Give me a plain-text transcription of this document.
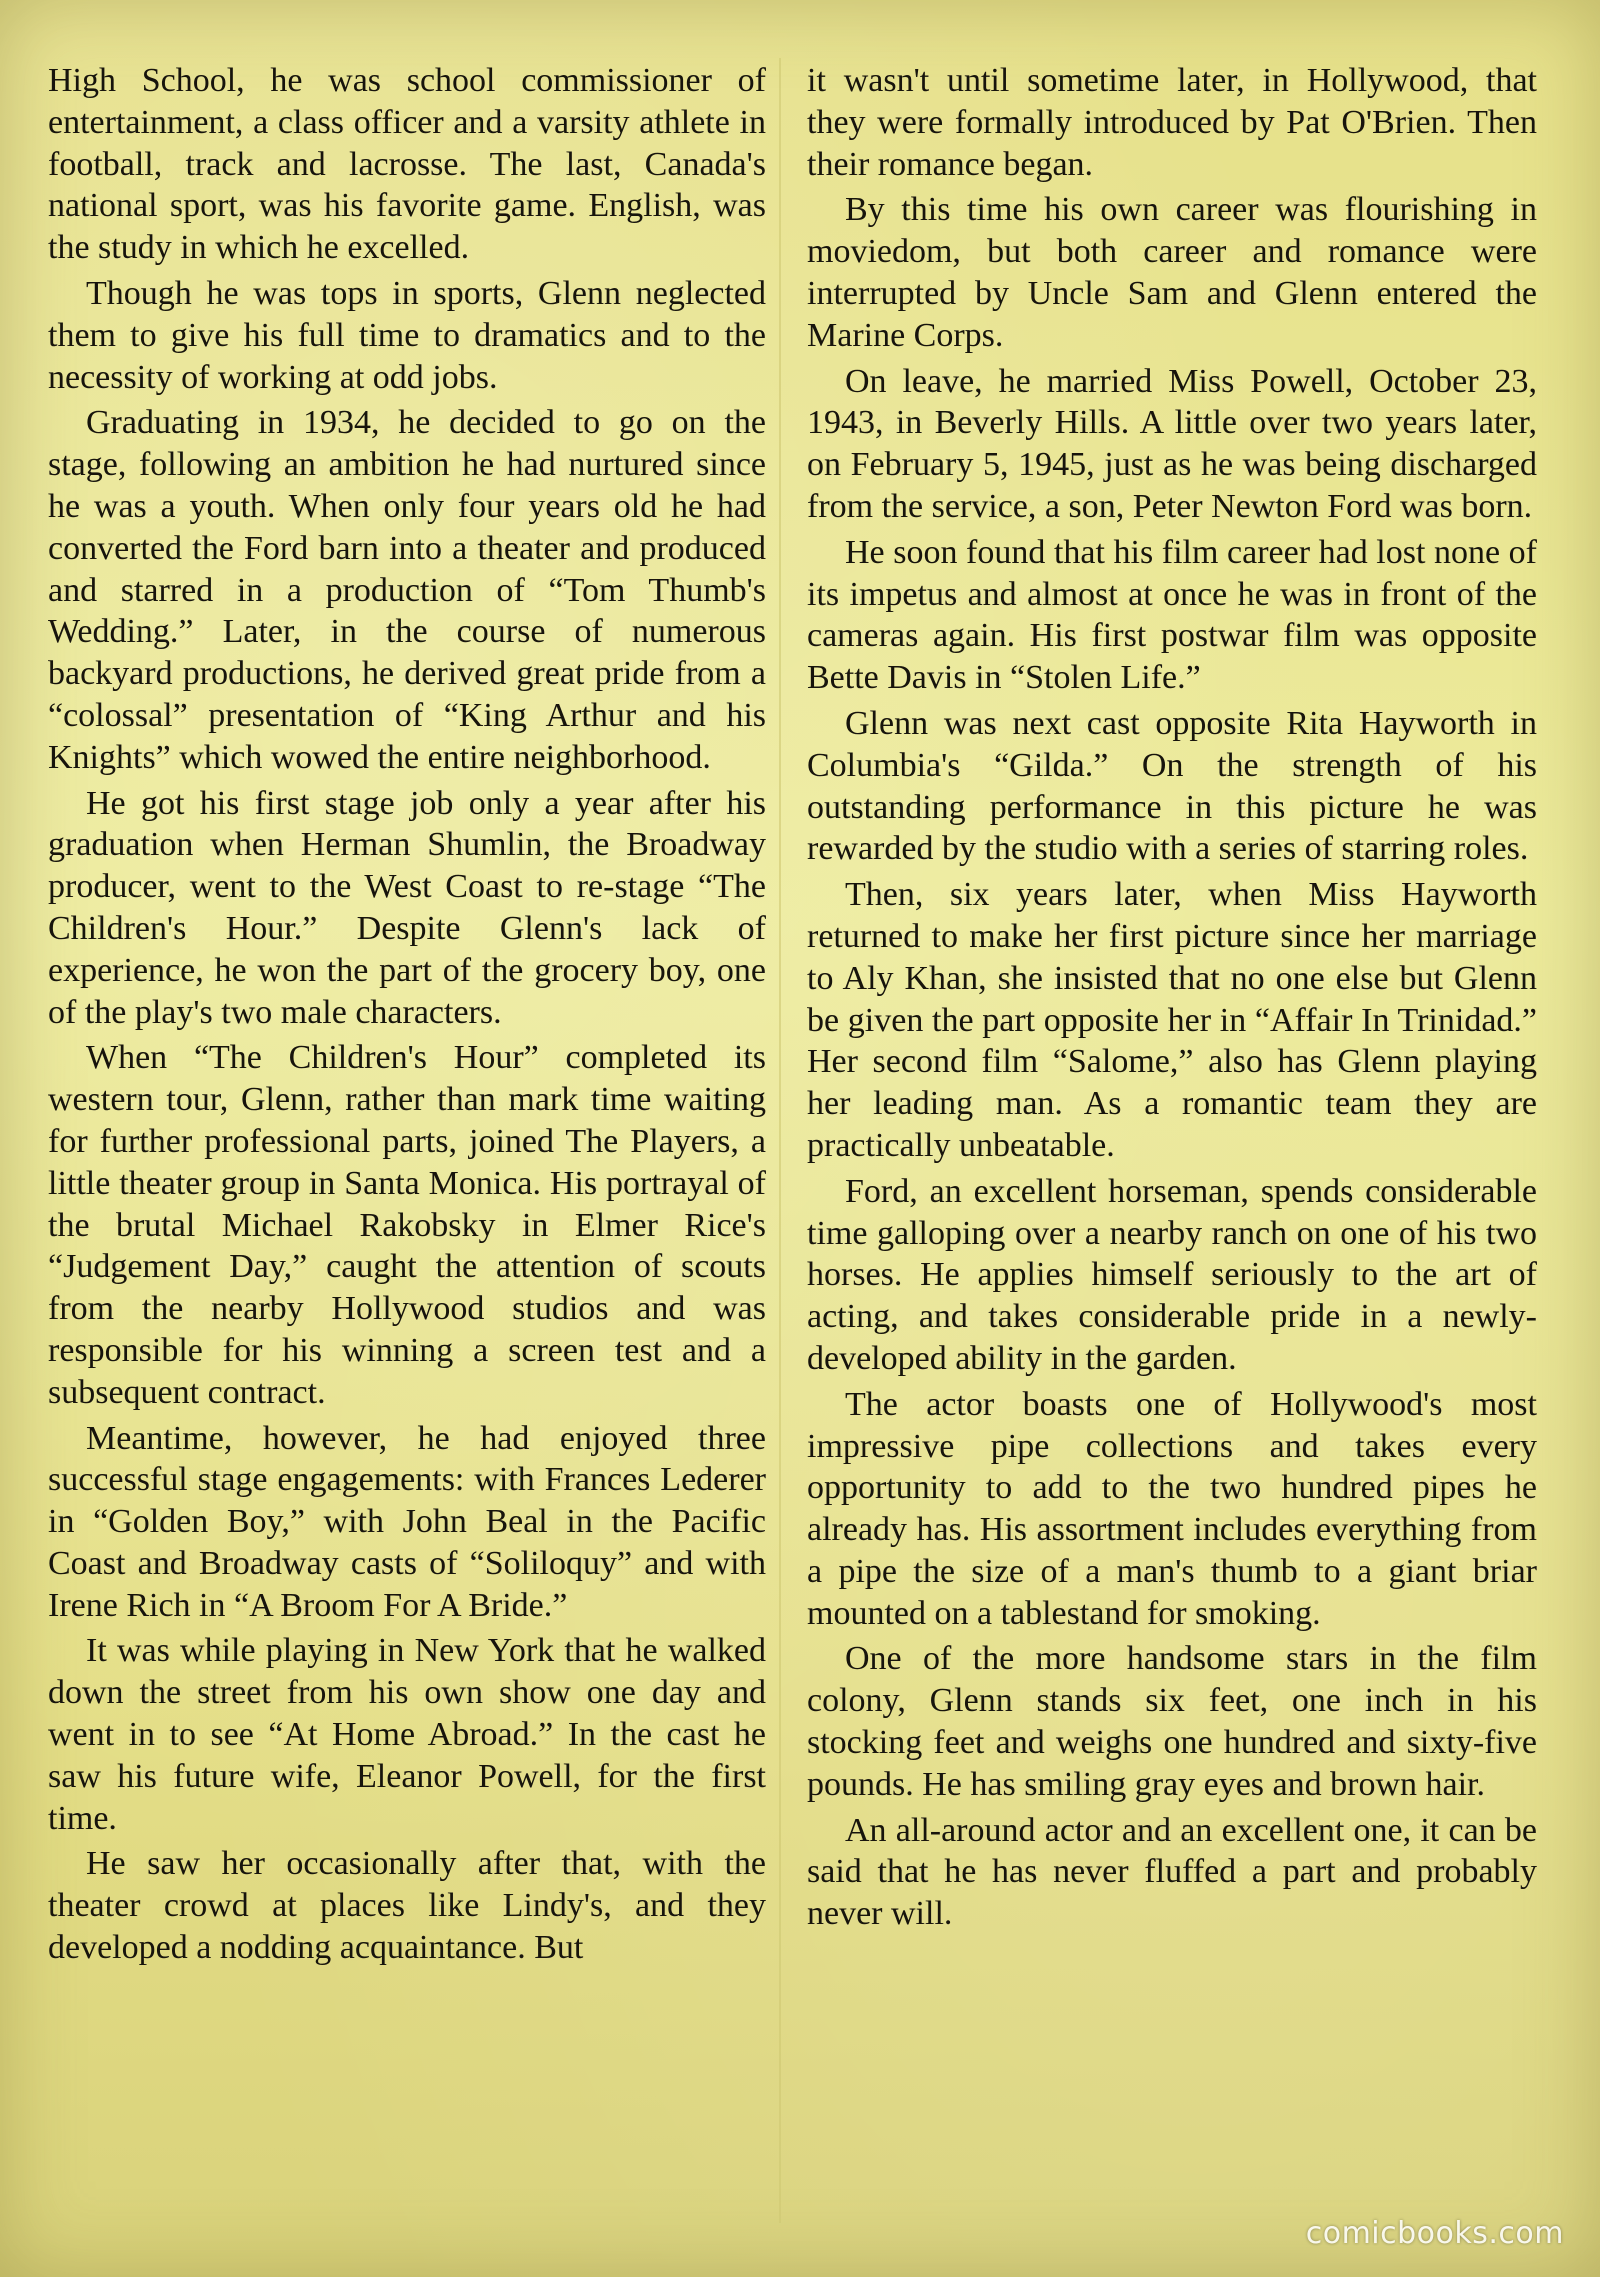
High School, he was school commissioner of entertainment, a class officer and a varsity athlete in football, track and lacrosse. The last, Canada's national sport, was his favorite game. English, was the study in which he excelled.

Though he was tops in sports, Glenn neglected them to give his full time to dramatics and to the necessity of working at odd jobs.

Graduating in 1934, he decided to go on the stage, following an ambition he had nurtured since he was a youth. When only four years old he had converted the Ford barn into a theater and produced and starred in a production of “Tom Thumb's Wedding.” Later, in the course of numerous backyard productions, he derived great pride from a “colossal” presentation of “King Arthur and his Knights” which wowed the entire neighborhood.

He got his first stage job only a year after his graduation when Herman Shumlin, the Broadway producer, went to the West Coast to re-stage “The Children's Hour.” Despite Glenn's lack of experience, he won the part of the grocery boy, one of the play's two male characters.

When “The Children's Hour” completed its western tour, Glenn, rather than mark time waiting for further professional parts, joined The Players, a little theater group in Santa Monica. His portrayal of the brutal Michael Rakobsky in Elmer Rice's “Judgement Day,” caught the attention of scouts from the nearby Hollywood studios and was responsible for his winning a screen test and a subsequent contract.

Meantime, however, he had enjoyed three successful stage engagements: with Frances Lederer in “Golden Boy,” with John Beal in the Pacific Coast and Broadway casts of “Soliloquy” and with Irene Rich in “A Broom For A Bride.”

It was while playing in New York that he walked down the street from his own show one day and went in to see “At Home Abroad.” In the cast he saw his future wife, Eleanor Powell, for the first time.

He saw her occasionally after that, with the theater crowd at places like Lindy's, and they developed a nodding acquaintance. But

it wasn't until sometime later, in Hollywood, that they were formally introduced by Pat O'Brien. Then their romance began.

By this time his own career was flourishing in moviedom, but both career and romance were interrupted by Uncle Sam and Glenn entered the Marine Corps.

On leave, he married Miss Powell, October 23, 1943, in Beverly Hills. A little over two years later, on February 5, 1945, just as he was being discharged from the service, a son, Peter Newton Ford was born.

He soon found that his film career had lost none of its impetus and almost at once he was in front of the cameras again. His first postwar film was opposite Bette Davis in “Stolen Life.”

Glenn was next cast opposite Rita Hayworth in Columbia's “Gilda.” On the strength of his outstanding performance in this picture he was rewarded by the studio with a series of starring roles.

Then, six years later, when Miss Hayworth returned to make her first picture since her marriage to Aly Khan, she insisted that no one else but Glenn be given the part opposite her in “Affair In Trinidad.” Her second film “Salome,” also has Glenn playing her leading man. As a romantic team they are practically unbeatable.

Ford, an excellent horseman, spends considerable time galloping over a nearby ranch on one of his two horses. He applies himself seriously to the art of acting, and takes considerable pride in a newly-developed ability in the garden.

The actor boasts one of Hollywood's most impressive pipe collections and takes every opportunity to add to the two hundred pipes he already has. His assortment includes everything from a pipe the size of a man's thumb to a giant briar mounted on a tablestand for smoking.

One of the more handsome stars in the film colony, Glenn stands six feet, one inch in his stocking feet and weighs one hundred and sixty-five pounds. He has smiling gray eyes and brown hair.

An all-around actor and an excellent one, it can be said that he has never fluffed a part and probably never will.

comicbooks.com
